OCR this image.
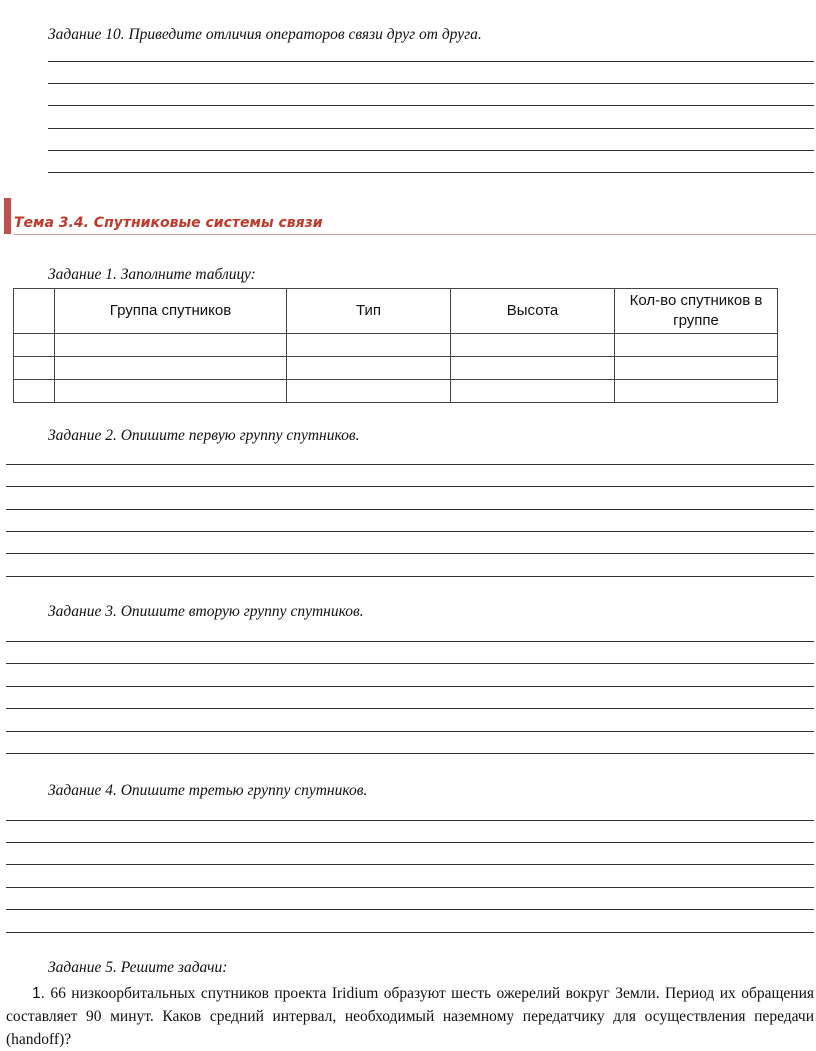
Задание 10. Приведите отличия операторов связи друг от друга.
Тема 3.4. Спутниковые системы связи
Задание 1. Заполните таблицу:
	Группа спутников	Тип	Высота	Кол-во спутников в группе

Задание 2. Опишите первую группу спутников.
Задание 3. Опишите вторую группу спутников.
Задание 4. Опишите третью группу спутников.
Задание 5. Решите задачи:
1. 66 низкоорбитальных спутников проекта Iridium образуют шесть ожерелий вокруг Земли. Период их обращения составляет 90 минут. Каков средний интервал, необходимый наземному передатчику для осуществления передачи (handoff)?
